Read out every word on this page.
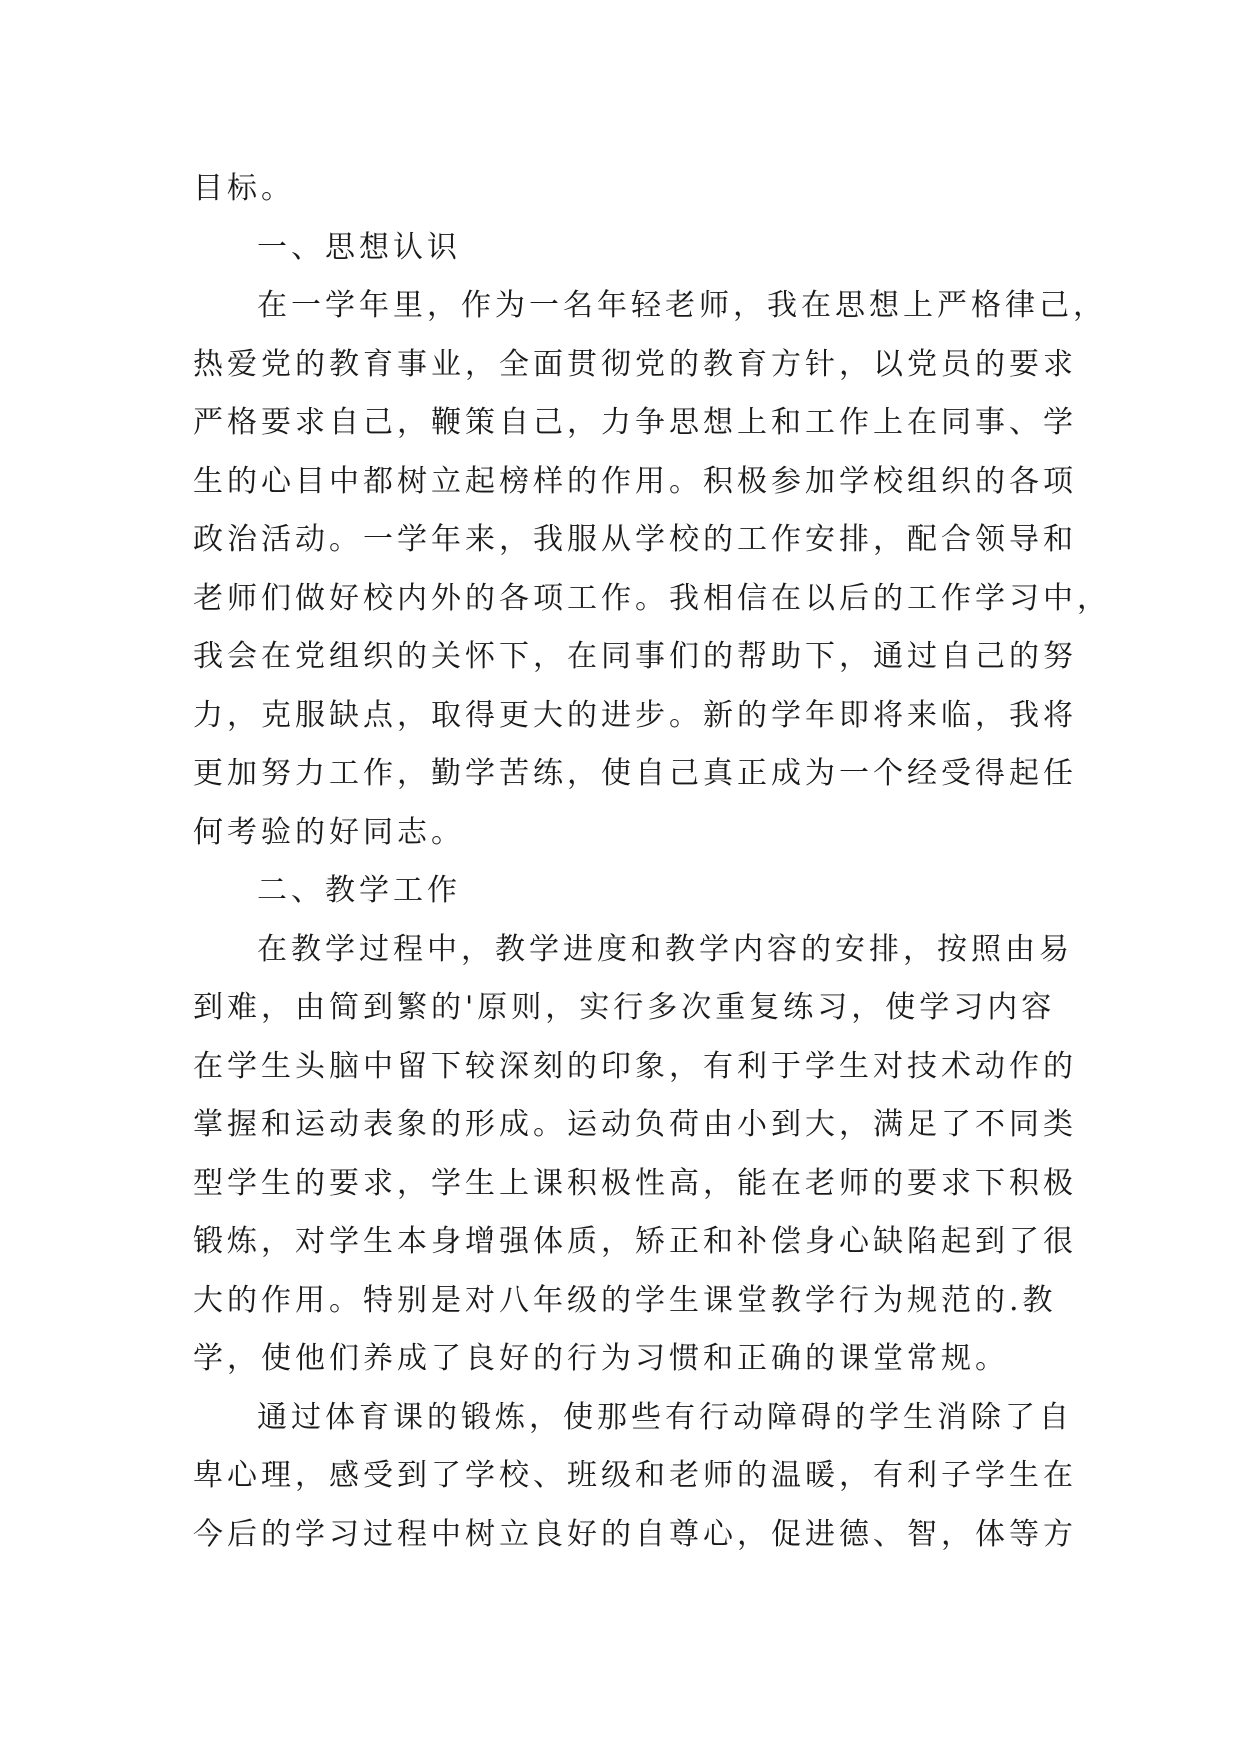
目标。
一、思想认识
在一学年里，作为一名年轻老师，我在思想上严格律己，
热爱党的教育事业，全面贯彻党的教育方针，以党员的要求
严格要求自己，鞭策自己，力争思想上和工作上在同事、学
生的心目中都树立起榜样的作用。积极参加学校组织的各项
政治活动。一学年来，我服从学校的工作安排，配合领导和
老师们做好校内外的各项工作。我相信在以后的工作学习中，
我会在党组织的关怀下，在同事们的帮助下，通过自己的努
力，克服缺点，取得更大的进步。新的学年即将来临，我将
更加努力工作，勤学苦练，使自己真正成为一个经受得起任
何考验的好同志。
二、教学工作
在教学过程中，教学进度和教学内容的安排，按照由易
到难，由简到繁的'原则，实行多次重复练习，使学习内容
在学生头脑中留下较深刻的印象，有利于学生对技术动作的
掌握和运动表象的形成。运动负荷由小到大，满足了不同类
型学生的要求，学生上课积极性高，能在老师的要求下积极
锻炼，对学生本身增强体质，矫正和补偿身心缺陷起到了很
大的作用。特别是对八年级的学生课堂教学行为规范的.教
学，使他们养成了良好的行为习惯和正确的课堂常规。
通过体育课的锻炼，使那些有行动障碍的学生消除了自
卑心理，感受到了学校、班级和老师的温暖，有利子学生在
今后的学习过程中树立良好的自尊心，促进德、智，体等方
